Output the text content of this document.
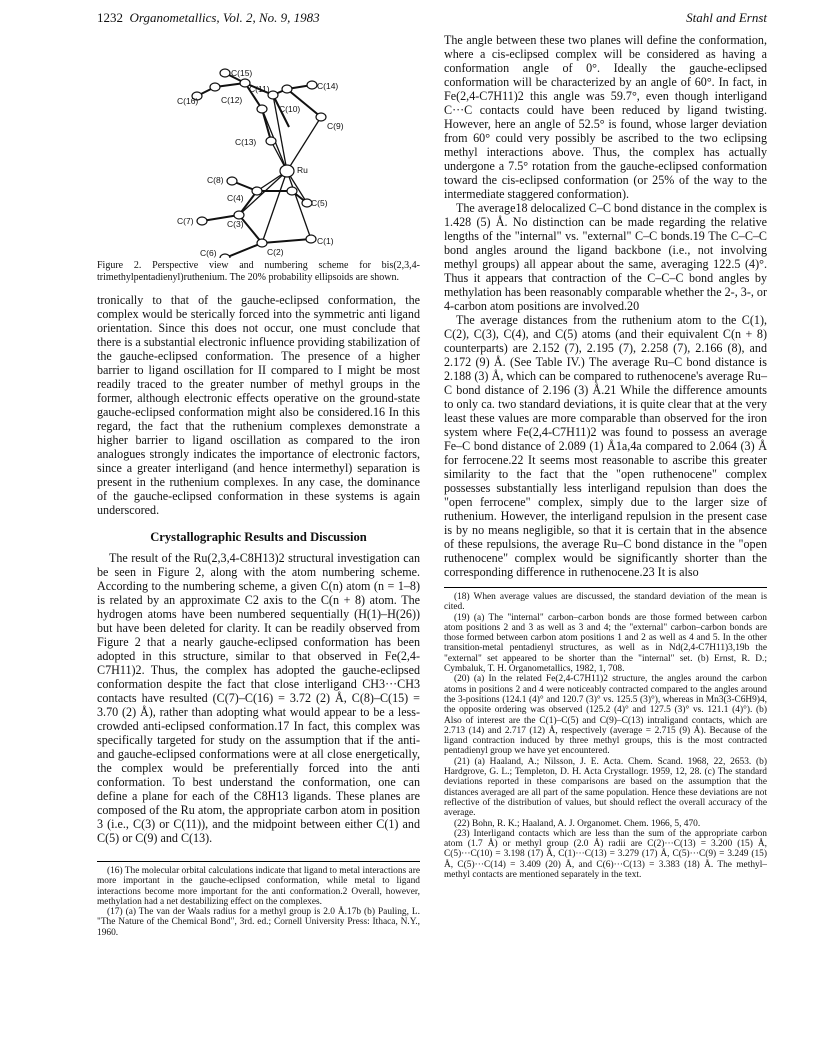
1232 Organometallics, Vol. 2, No. 9, 1983	Stahl and Ernst
C(15)
C(11)	C(14)
C(16)	C(12)
C(10)
C(9)
C(13)
Ru
C(8)
C(4)	C(5)
C(7)	C(3)
C(1)
C(6)	C(2)
Figure 2. Perspective view and numbering scheme for bis(2,3,4-trimethylpentadienyl)ruthenium. The 20% probability ellipsoids are shown.

tronically to that of the gauche-eclipsed conformation, the complex would be sterically forced into the symmetric anti ligand orientation. Since this does not occur, one must conclude that there is a substantial electronic influence providing stabilization of the gauche-eclipsed conformation. The presence of a higher barrier to ligand oscillation for II compared to I might be most readily traced to the greater number of methyl groups in the former, although electronic effects operative on the ground-state gauche-eclipsed conformation might also be considered.16 In this regard, the fact that the ruthenium complexes demonstrate a higher barrier to ligand oscillation as compared to the iron analogues strongly indicates the importance of electronic factors, since a greater interligand (and hence intermethyl) separation is present in the ruthenium complexes. In any case, the dominance of the gauche-eclipsed conformation in these systems is again underscored.

Crystallographic Results and Discussion

The result of the Ru(2,3,4-C8H13)2 structural investigation can be seen in Figure 2, along with the atom numbering scheme. According to the numbering scheme, a given C(n) atom (n = 1–8) is related by an approximate C2 axis to the C(n + 8) atom. The hydrogen atoms have been numbered sequentially (H(1)–H(26)) but have been deleted for clarity. It can be readily observed from Figure 2 that a nearly gauche-eclipsed conformation has been adopted in this structure, similar to that observed in Fe(2,4-C7H11)2. Thus, the complex has adopted the gauche-eclipsed conformation despite the fact that close interligand CH3···CH3 contacts have resulted (C(7)–C(16) = 3.72 (2) Å, C(8)–C(15) = 3.70 (2) Å), rather than adopting what would appear to be a less-crowded anti-eclipsed conformation.17 In fact, this complex was specifically targeted for study on the assumption that if the anti- and gauche-eclipsed conformations were at all close energetically, the complex would be preferentially forced into the anti conformation. To best understand the conformation, one can define a plane for each of the C8H13 ligands. These planes are composed of the Ru atom, the appropriate carbon atom in position 3 (i.e., C(3) or C(11)), and the midpoint between either C(1) and C(5) or C(9) and C(13).

(16) The molecular orbital calculations indicate that ligand to metal interactions are more important in the gauche-eclipsed conformation, while metal to ligand interactions become more important for the anti conformation.2 Overall, however, methylation had a net destabilizing effect on the complexes.

(17) (a) The van der Waals radius for a methyl group is 2.0 Å.17b (b) Pauling, L. "The Nature of the Chemical Bond", 3rd. ed.; Cornell University Press: Ithaca, N.Y., 1960.

The angle between these two planes will define the conformation, where a cis-eclipsed complex will be considered as having a conformation angle of 0°. Ideally the gauche-eclipsed conformation will be characterized by an angle of 60°. In fact, in Fe(2,4-C7H11)2 this angle was 59.7°, even though interligand C···C contacts could have been reduced by ligand twisting. However, here an angle of 52.5° is found, whose larger deviation from 60° could very possibly be ascribed to the two eclipsing methyl interactions above. Thus, the complex has actually undergone a 7.5° rotation from the gauche-eclipsed conformation toward the cis-eclipsed conformation (or 25% of the way to the intermediate staggered conformation).

The average18 delocalized C–C bond distance in the complex is 1.428 (5) Å. No distinction can be made regarding the relative lengths of the "internal" vs. "external" C–C bonds.19 The C–C–C bond angles around the ligand backbone (i.e., not involving methyl groups) all appear about the same, averaging 122.5 (4)°. Thus it appears that contraction of the C–C–C bond angles by methylation has been reasonably comparable whether the 2-, 3-, or 4-carbon atom positions are involved.20

The average distances from the ruthenium atom to the C(1), C(2), C(3), C(4), and C(5) atoms (and their equivalent C(n + 8) counterparts) are 2.152 (7), 2.195 (7), 2.258 (7), 2.166 (8), and 2.172 (9) Å. (See Table IV.) The average Ru–C bond distance is 2.188 (3) Å, which can be compared to ruthenocene's average Ru–C bond distance of 2.196 (3) Å.21 While the difference amounts to only ca. two standard deviations, it is quite clear that at the very least these values are more comparable than observed for the iron system where Fe(2,4-C7H11)2 was found to possess an average Fe–C bond distance of 2.089 (1) Å1a,4a compared to 2.064 (3) Å for ferrocene.22 It seems most reasonable to ascribe this greater similarity to the fact that the "open ruthenocene" complex possesses substantially less interligand repulsion than does the "open ferrocene" complex, simply due to the larger size of ruthenium. However, the interligand repulsion in the present case is by no means negligible, so that it is certain that in the absence of these repulsions, the average Ru–C bond distance in the "open ruthenocene" complex would be significantly shorter than the corresponding difference in ruthenocene.23 It is also

(18) When average values are discussed, the standard deviation of the mean is cited.

(19) (a) The "internal" carbon–carbon bonds are those formed between carbon atom positions 2 and 3 as well as 3 and 4; the "external" carbon–carbon bonds are those formed between carbon atom positions 1 and 2 as well as 4 and 5. In the other transition-metal pentadienyl structures, as well as in Nd(2,4-C7H11)3,19b the "external" set appeared to be shorter than the "internal" set. (b) Ernst, R. D.; Cymbaluk, T. H. Organometallics, 1982, 1, 708.

(20) (a) In the related Fe(2,4-C7H11)2 structure, the angles around the carbon atoms in positions 2 and 4 were noticeably contracted compared to the angles around the 3-positions (124.1 (4)° and 120.7 (3)° vs. 125.5 (3)°), whereas in Mn3(3-C6H9)4, the opposite ordering was observed (125.2 (4)° and 127.5 (3)° vs. 121.1 (4)°). (b) Also of interest are the C(1)–C(5) and C(9)–C(13) intraligand contacts, which are 2.713 (14) and 2.717 (12) Å, respectively (average = 2.715 (9) Å). Because of the ligand contraction induced by three methyl groups, this is the most contracted pentadienyl group we have yet encountered.

(21) (a) Haaland, A.; Nilsson, J. E. Acta. Chem. Scand. 1968, 22, 2653. (b) Hardgrove, G. L.; Templeton, D. H. Acta Crystallogr. 1959, 12, 28. (c) The standard deviations reported in these comparisons are based on the assumption that the distances averaged are all part of the same population. Hence these deviations are not reflective of the distribution of values, but should reflect the overall accuracy of the average.

(22) Bohn, R. K.; Haaland, A. J. Organomet. Chem. 1966, 5, 470.

(23) Interligand contacts which are less than the sum of the appropriate carbon atom (1.7 Å) or methyl group (2.0 Å) radii are C(2)···C(13) = 3.200 (15) Å, C(5)···C(10) = 3.198 (17) Å, C(1)···C(13) = 3.279 (17) Å, C(5)···C(9) = 3.249 (15) Å, C(5)···C(14) = 3.409 (20) Å, and C(6)···C(13) = 3.383 (18) Å. The methyl–methyl contacts are mentioned separately in the text.
